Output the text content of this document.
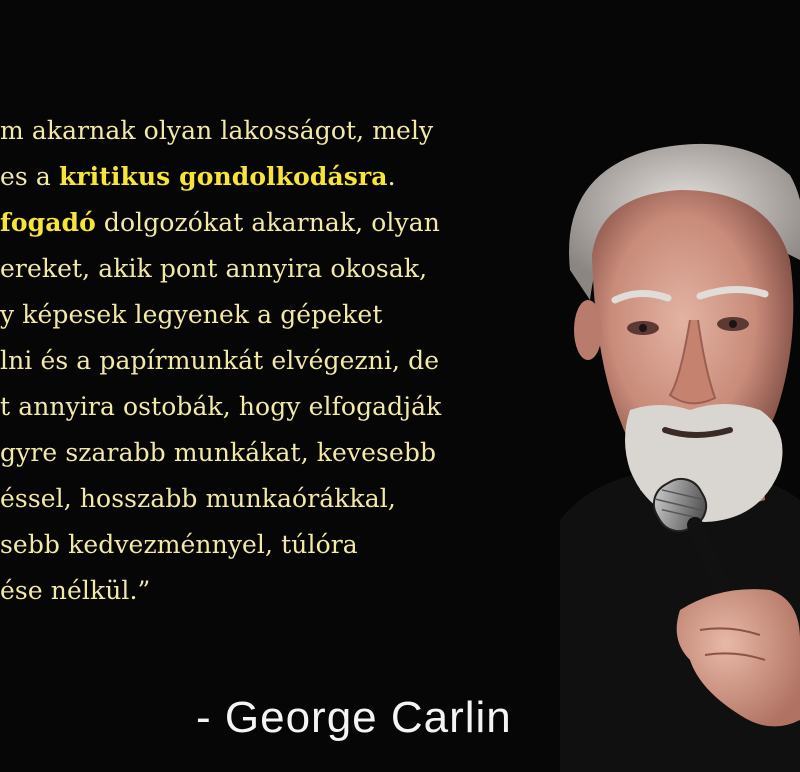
m akarnak olyan lakosságot, mely
es a kritikus gondolkodásra.
fogadó dolgozókat akarnak, olyan
ereket, akik pont annyira okosak,
y képesek legyenek a gépeket
lni és a papírmunkát elvégezni, de
t annyira ostobák, hogy elfogadják
gyre szarabb munkákat, kevesebb
éssel, hosszabb munkaórákkal,
sebb kedvezménnyel, túlóra
ése nélkül.”
- George Carlin
